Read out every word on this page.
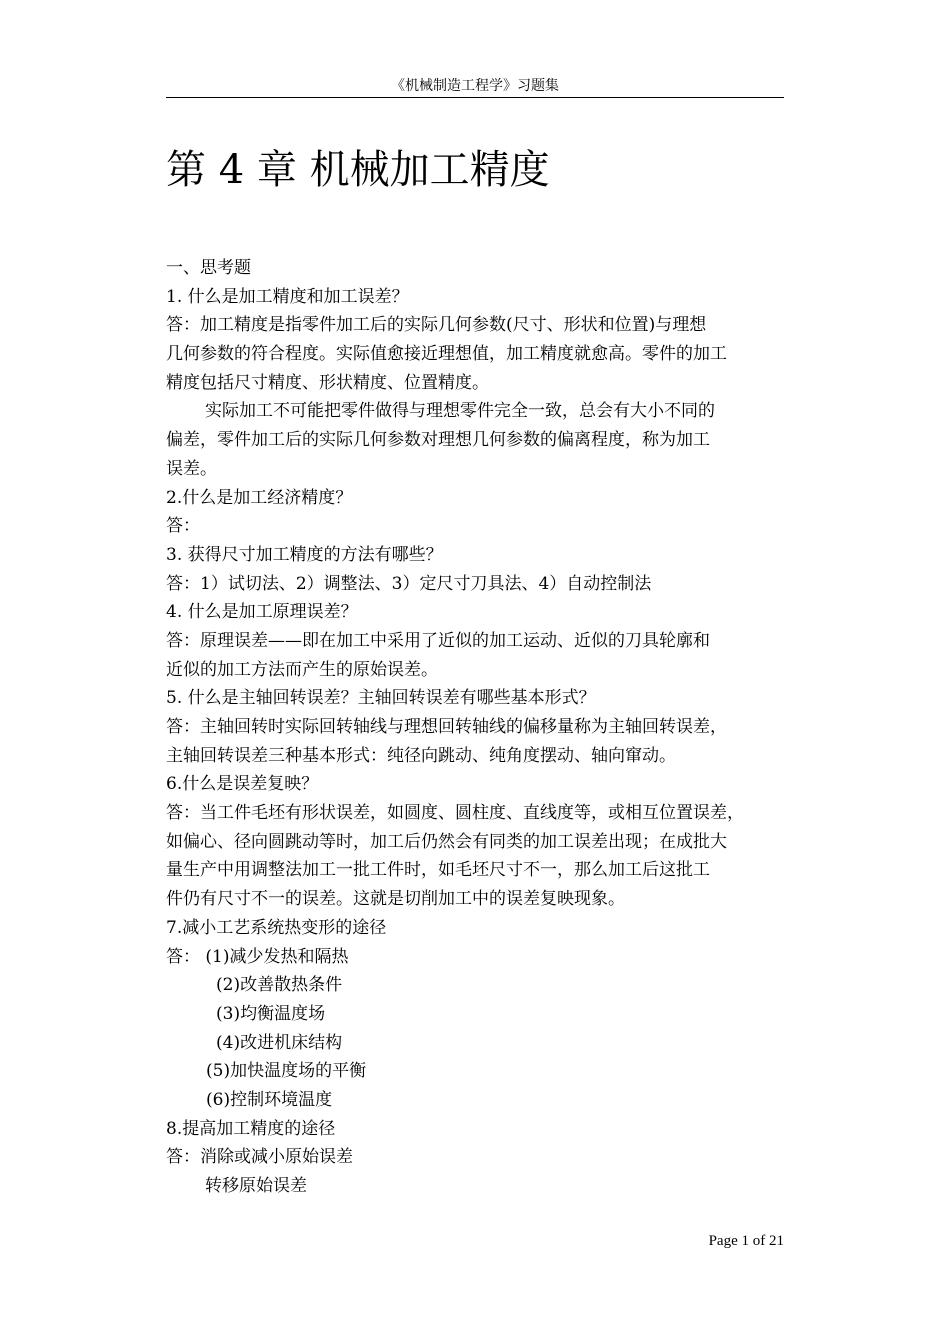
《机械制造工程学》习题集
第 4 章 机械加工精度
一、思考题
1. 什么是加工精度和加工误差？
答：加工精度是指零件加工后的实际几何参数(尺寸、形状和位置)与理想
几何参数的符合程度。实际值愈接近理想值，加工精度就愈高。零件的加工
精度包括尺寸精度、形状精度、位置精度。
实际加工不可能把零件做得与理想零件完全一致，总会有大小不同的
偏差，零件加工后的实际几何参数对理想几何参数的偏离程度，称为加工
误差。
2.什么是加工经济精度？
答：
3. 获得尺寸加工精度的方法有哪些？
答：1）试切法、2）调整法、3）定尺寸刀具法、4）自动控制法
4. 什么是加工原理误差？
答：原理误差——即在加工中采用了近似的加工运动、近似的刀具轮廓和
近似的加工方法而产生的原始误差。
5. 什么是主轴回转误差？主轴回转误差有哪些基本形式？
答：主轴回转时实际回转轴线与理想回转轴线的偏移量称为主轴回转误差，
主轴回转误差三种基本形式：纯径向跳动、纯角度摆动、轴向窜动。
6.什么是误差复映？
答：当工件毛坯有形状误差，如圆度、圆柱度、直线度等，或相互位置误差，
如偏心、径向圆跳动等时，加工后仍然会有同类的加工误差出现；在成批大
量生产中用调整法加工一批工件时，如毛坯尺寸不一，那么加工后这批工
件仍有尺寸不一的误差。这就是切削加工中的误差复映现象。
7.减小工艺系统热变形的途径
答： (1)减少发热和隔热
(2)改善散热条件
(3)均衡温度场
(4)改进机床结构
(5)加快温度场的平衡
(6)控制环境温度
8.提高加工精度的途径
答：消除或减小原始误差
转移原始误差
Page 1 of 21
